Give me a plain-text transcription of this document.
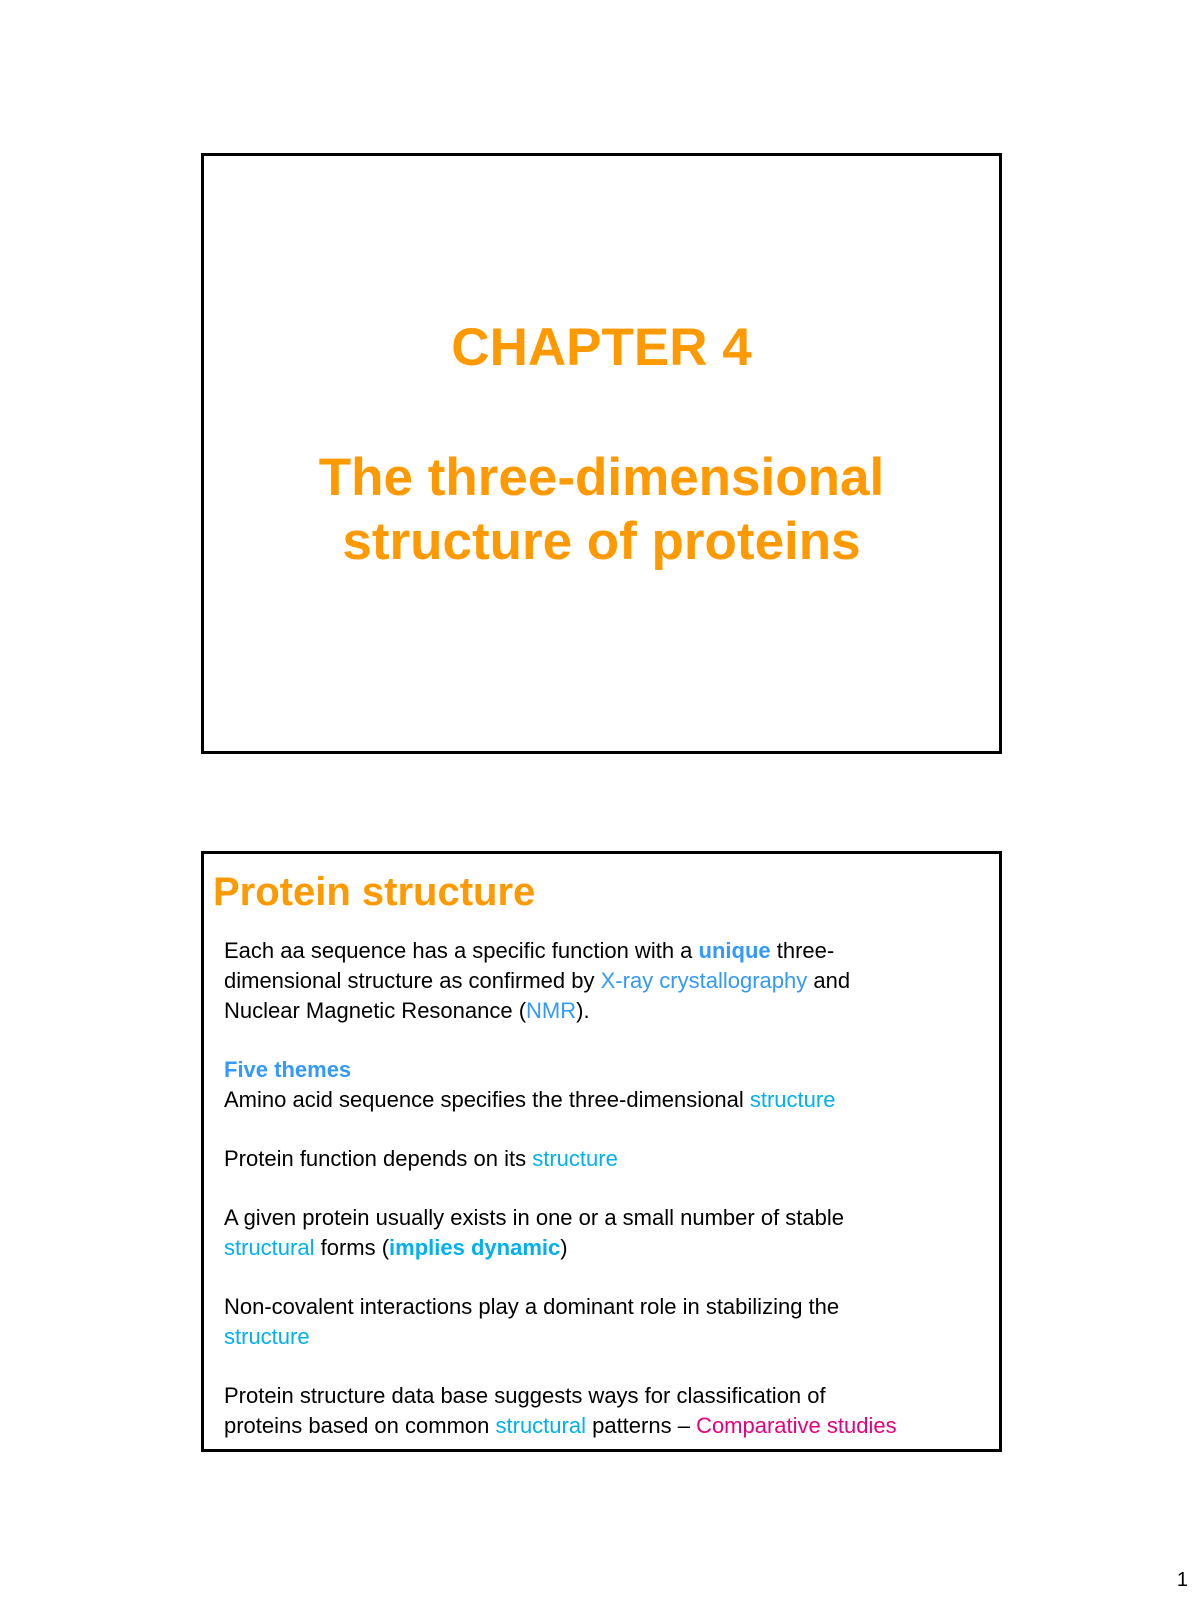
CHAPTER 4
The three-dimensional
structure of proteins
Protein structure

Each aa sequence has a specific function with a unique three-
dimensional structure as confirmed by X-ray crystallography and
Nuclear Magnetic Resonance (NMR).

Five themes

Amino acid sequence specifies the three-dimensional structure

Protein function depends on its structure

A given protein usually exists in one or a small number of stable
structural forms (implies dynamic)

Non-covalent interactions play a dominant role in stabilizing the
structure

Protein structure data base suggests ways for classification of
proteins based on common structural patterns – Comparative studies

1
